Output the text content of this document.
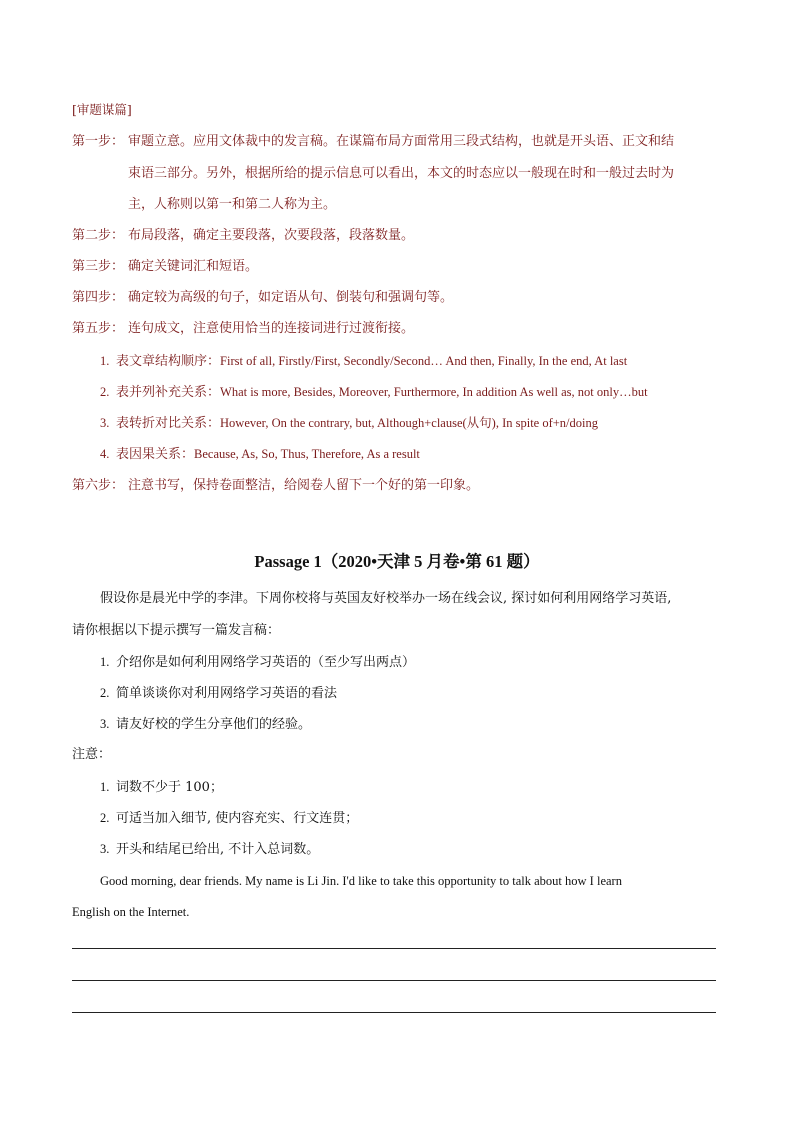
[审题谋篇]
第一步： 审题立意。应用文体裁中的发言稿。在谋篇布局方面常用三段式结构，也就是开头语、正文和结
束语三部分。另外，根据所给的提示信息可以看出，本文的时态应以一般现在时和一般过去时为
主，人称则以第一和第二人称为主。
第二步： 布局段落，确定主要段落，次要段落，段落数量。
第三步： 确定关键词汇和短语。
第四步： 确定较为高级的句子，如定语从句、倒装句和强调句等。
第五步： 连句成文，注意使用恰当的连接词进行过渡衔接。
1. 表文章结构顺序：First of all, Firstly/First, Secondly/Second… And then, Finally, In the end, At last
2. 表并列补充关系：What is more, Besides, Moreover, Furthermore, In addition As well as, not only…but
3. 表转折对比关系：However, On the contrary, but, Although+clause(从句), In spite of+n/doing
4. 表因果关系：Because, As, So, Thus, Therefore, As a result
第六步： 注意书写，保持卷面整洁，给阅卷人留下一个好的第一印象。
Passage 1（2020•天津 5 月卷•第 61 题）
假设你是晨光中学的李津。下周你校将与英国友好校举办一场在线会议, 探讨如何利用网络学习英语,
请你根据以下提示撰写一篇发言稿：
1. 介绍你是如何利用网络学习英语的（至少写出两点）
2. 简单谈谈你对利用网络学习英语的看法
3. 请友好校的学生分享他们的经验。
注意：
1. 词数不少于 100；
2. 可适当加入细节, 使内容充实、行文连贯；
3. 开头和结尾已给出, 不计入总词数。
Good morning, dear friends. My name is Li Jin. I'd like to take this opportunity to talk about how I learn
English on the Internet.
